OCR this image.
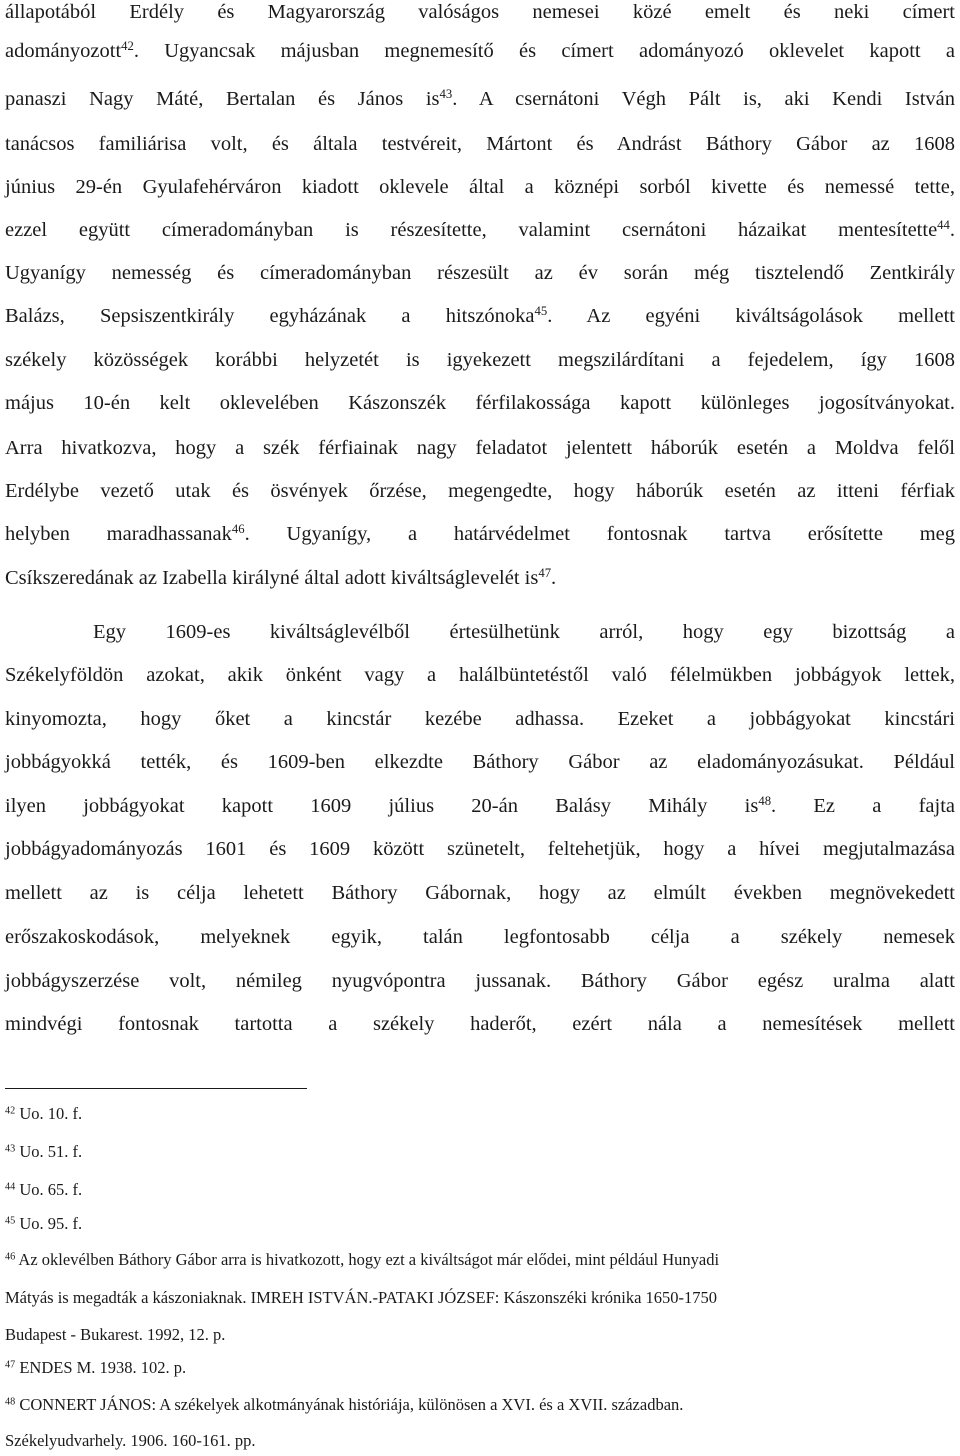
állapotából Erdély és Magyarország valóságos nemesei közé emelt és neki címert

adományozott$^{42}$. Ugyancsak májusban megnemesítő és címert adományozó oklevelet kapott a

panaszi Nagy Máté, Bertalan és János $is^{43}$. A csernátoni Végh Pált is, aki Kendi István

tanácsos familiárisa volt, és általa testvéreit, Mártont és Andrást Báthory Gábor az 1608

június 29-én Gyulafehérváron kiadott oklevele által a köznépi sorból kivette és nemessé tette,

ezzel együtt címeradományban is részesítette, valamint csernátoni házaikat mentesítette$^{44}$.

Ugyanígy nemesség és címeradományban részesült az év során még tisztelendő Zentkirály

Balázs, Sepsiszentkirály egyházának a hitszónoka$^{45}$. Az egyéni kiváltságolások mellett

székely közösségek korábbi helyzetét is igyekezett megszilárdítani a fejedelem, így 1608

május 10-én kelt oklevelében Kászonszék férfilakossága kapott különleges jogosítványokat.

Arra hivatkozva, hogy a szék férfiainak nagy feladatot jelentett háborúk esetén a Moldva felől

Erdélybe vezető utak és ösvények őrzése, megengedte, hogy háborúk esetén az itteni férfiak

helyben maradhassanak$^{46}$. Ugyanígy, a határvédelmet fontosnak tartva erősítette meg

Csíkszeredának az Izabella királyné által adott kiváltságlevelét $is^{47}$.

Egy 1609-es kiváltságlevélből értesülhetünk arról, hogy egy bizottság a

Székelyföldön azokat, akik önként vagy a halálbüntetéstől való félelmükben jobbágyok lettek,

kinyomozta, hogy őket a kincstár kezébe adhassa. Ezeket a jobbágyokat kincstári

jobbágyokká tették, és 1609-ben elkezdte Báthory Gábor az eladományozásukat. Például

ilyen jobbágyokat kapott 1609 július 20-án Balásy Mihály $is^{48}$. Ez a fajta

jobbágyadományozás 1601 és 1609 között szünetelt, feltehetjük, hogy a hívei megjutalmazása

mellett az is célja lehetett Báthory Gábornak, hogy az elmúlt években megnövekedett

erőszakoskodások, melyeknek egyik, talán legfontosabb célja a székely nemesek

jobbágyszerzése volt, némileg nyugvópontra jussanak. Báthory Gábor egész uralma alatt

mindvégi fontosnak tartotta a székely haderőt, ezért nála a nemesítések mellett

$^{42}$ Uo. 10. f.

$^{43}$ Uo. 51. f.

$^{44}$ Uo. 65. f.

$^{45}$ Uo. 95. f.

$^{46}$ Az oklevélben Báthory Gábor arra is hivatkozott, hogy ezt a kiváltságot már elődei, mint például Hunyadi

Mátyás is megadták a kászoniaknak. IMREH ISTVÁN.-PATAKI JÓZSEF: Kászonszéki krónika 1650-1750

Budapest - Bukarest. 1992, 12. p.

$^{47}$ ENDES M. 1938. 102. p.

$^{48}$ CONNERT JÁNOS: A székelyek alkotmányának históriája, különösen a XVI. és a XVII. században.

Székelyudvarhely. 1906. 160-161. pp.
